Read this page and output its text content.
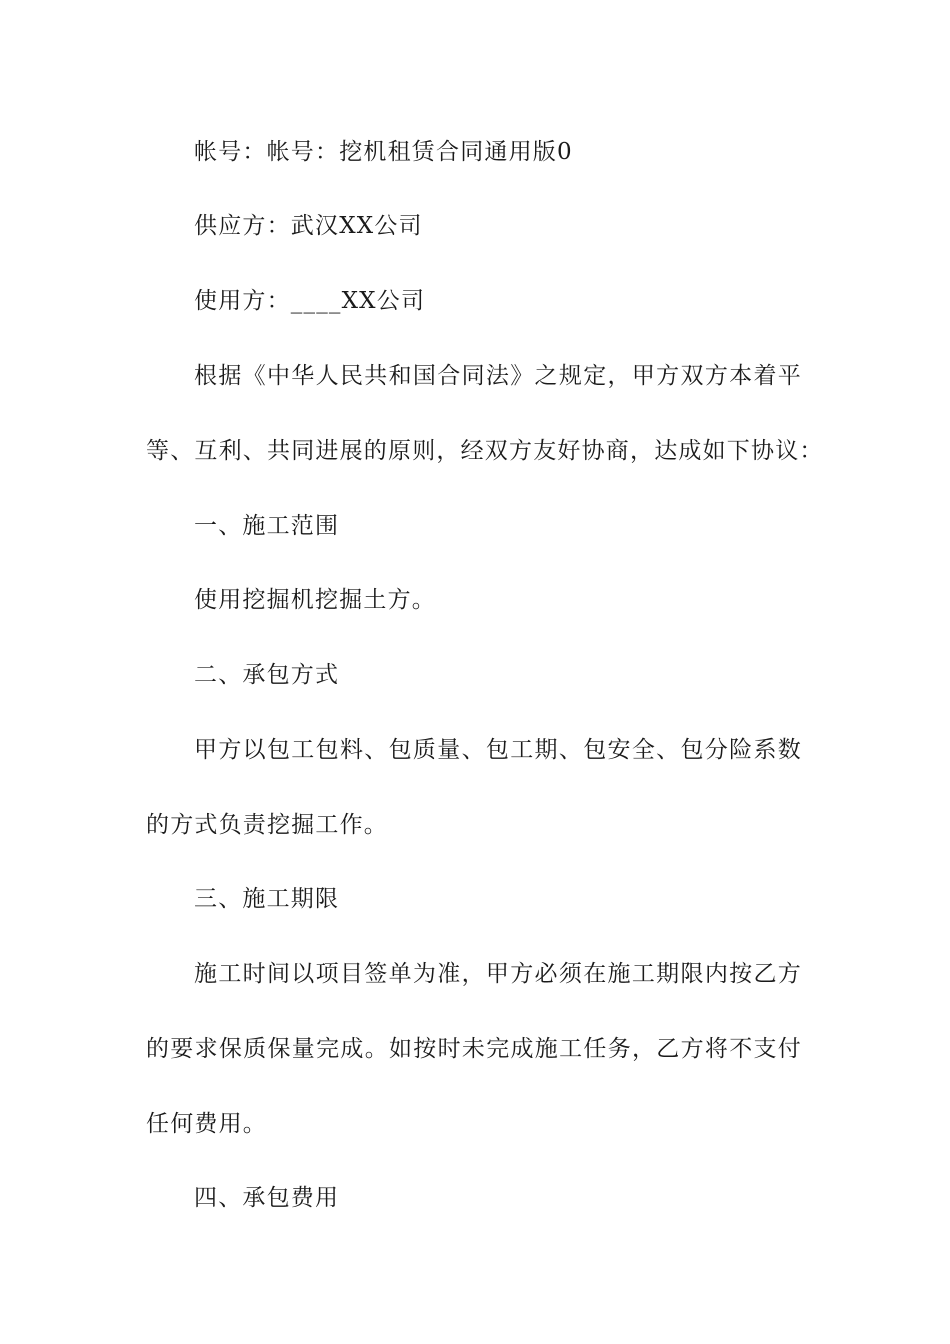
帐号：帐号：挖机租赁合同通用版0
供应方：武汉XX公司
使用方：____XX公司
根据《中华人民共和国合同法》之规定，甲方双方本着平
等、互利、共同进展的原则，经双方友好协商，达成如下协议：
一、施工范围
使用挖掘机挖掘土方。
二、承包方式
甲方以包工包料、包质量、包工期、包安全、包分险系数
的方式负责挖掘工作。
三、施工期限
施工时间以项目签单为准，甲方必须在施工期限内按乙方
的要求保质保量完成。如按时未完成施工任务，乙方将不支付
任何费用。
四、承包费用
